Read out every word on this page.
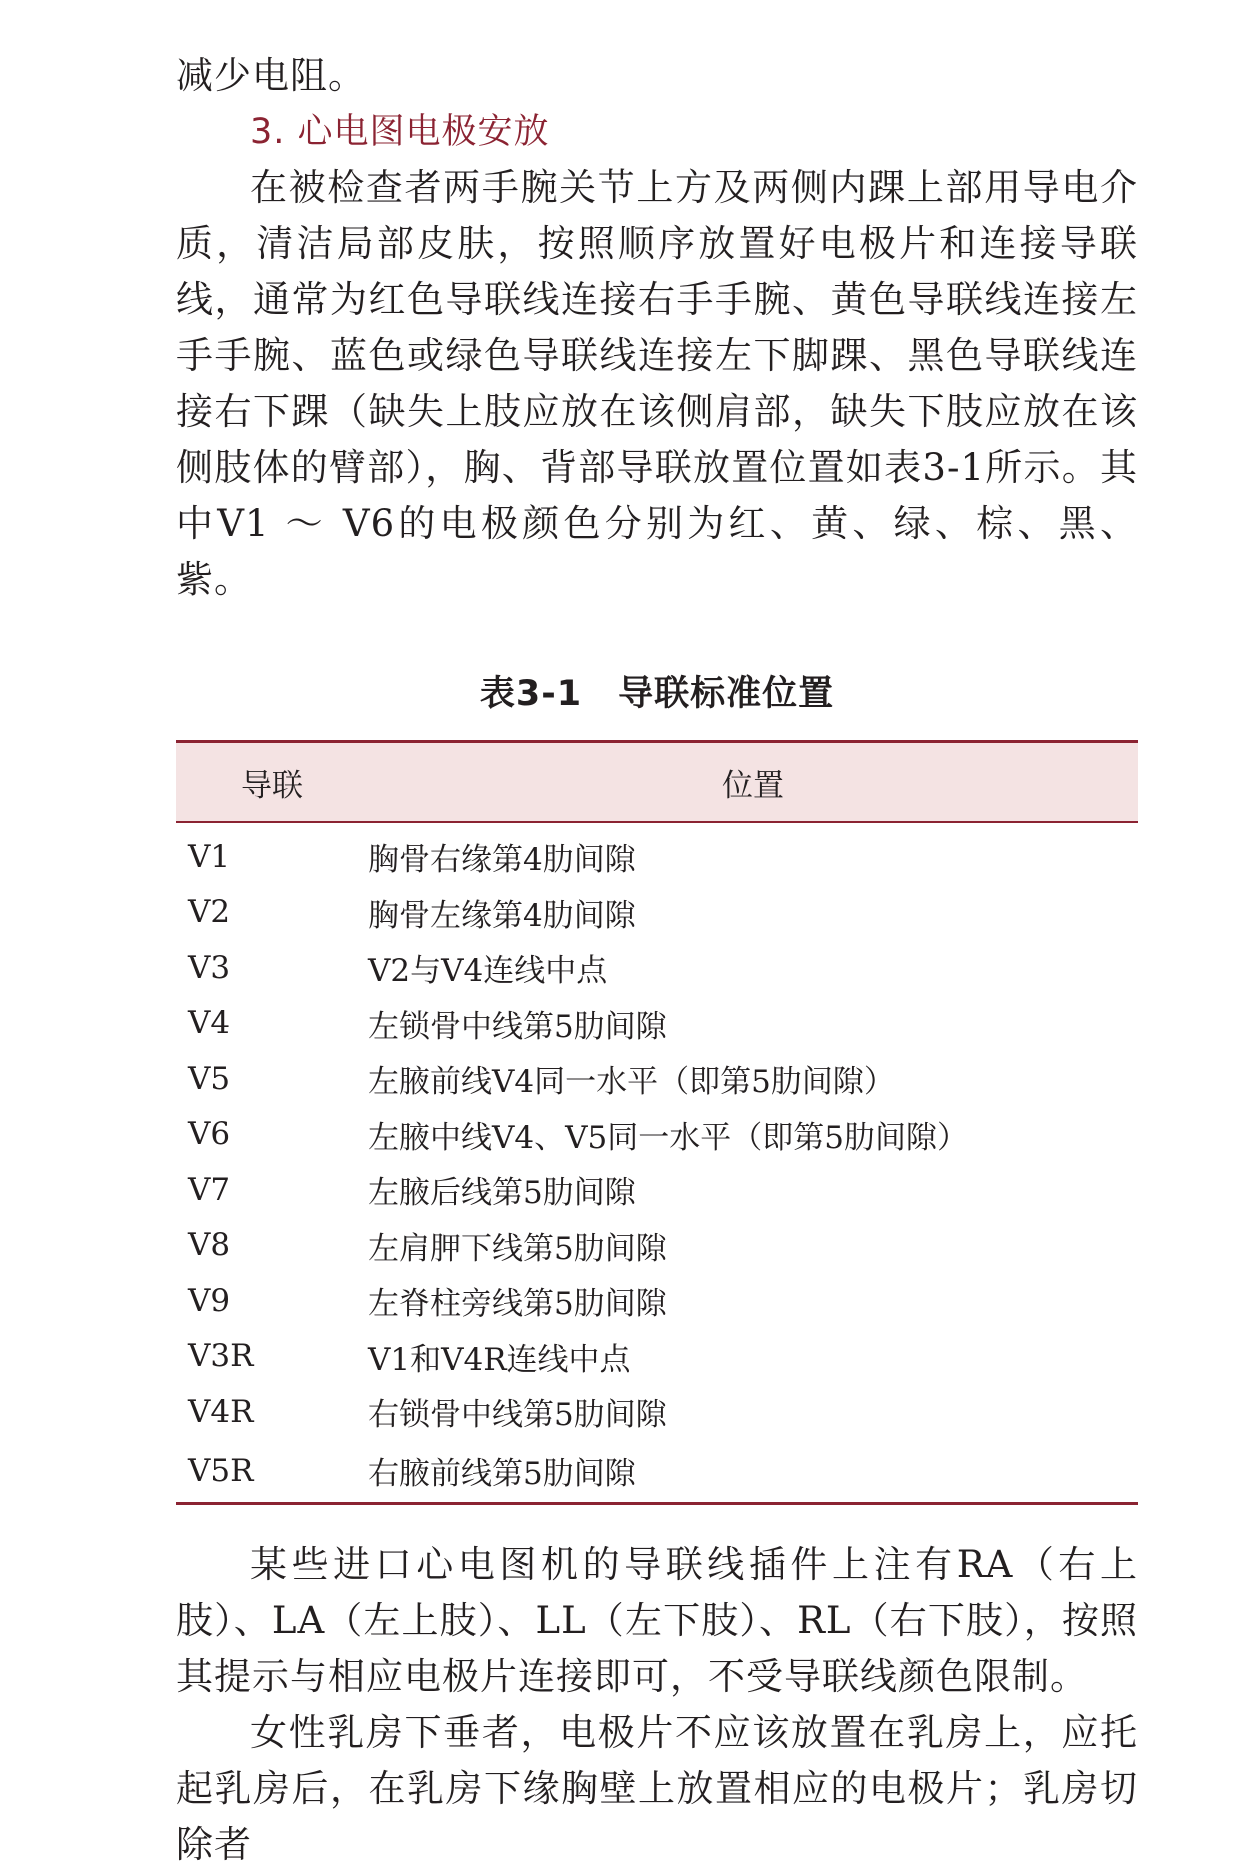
减少电阻。

3. 心电图电极安放

在被检查者两手腕关节上方及两侧内踝上部用导电介质，清洁局部皮肤，按照顺序放置好电极片和连接导联线，通常为红色导联线连接右手手腕、黄色导联线连接左手手腕、蓝色或绿色导联线连接左下脚踝、黑色导联线连接右下踝（缺失上肢应放在该侧肩部，缺失下肢应放在该侧肢体的臂部），胸、背部导联放置位置如表3-1所示。其中V1 ～ V6的电极颜色分别为红、黄、绿、棕、黑、紫。

表3-1 导联标准位置
导联	位置
V1	胸骨右缘第4肋间隙
V2	胸骨左缘第4肋间隙
V3	V2与V4连线中点
V4	左锁骨中线第5肋间隙
V5	左腋前线V4同一水平（即第5肋间隙）
V6	左腋中线V4、V5同一水平（即第5肋间隙）
V7	左腋后线第5肋间隙
V8	左肩胛下线第5肋间隙
V9	左脊柱旁线第5肋间隙
V3R	V1和V4R连线中点
V4R	右锁骨中线第5肋间隙
V5R	右腋前线第5肋间隙

某些进口心电图机的导联线插件上注有RA（右上肢）、LA（左上肢）、LL（左下肢）、RL（右下肢），按照其提示与相应电极片连接即可，不受导联线颜色限制。

女性乳房下垂者，电极片不应该放置在乳房上，应托起乳房后，在乳房下缘胸壁上放置相应的电极片；乳房切除者
